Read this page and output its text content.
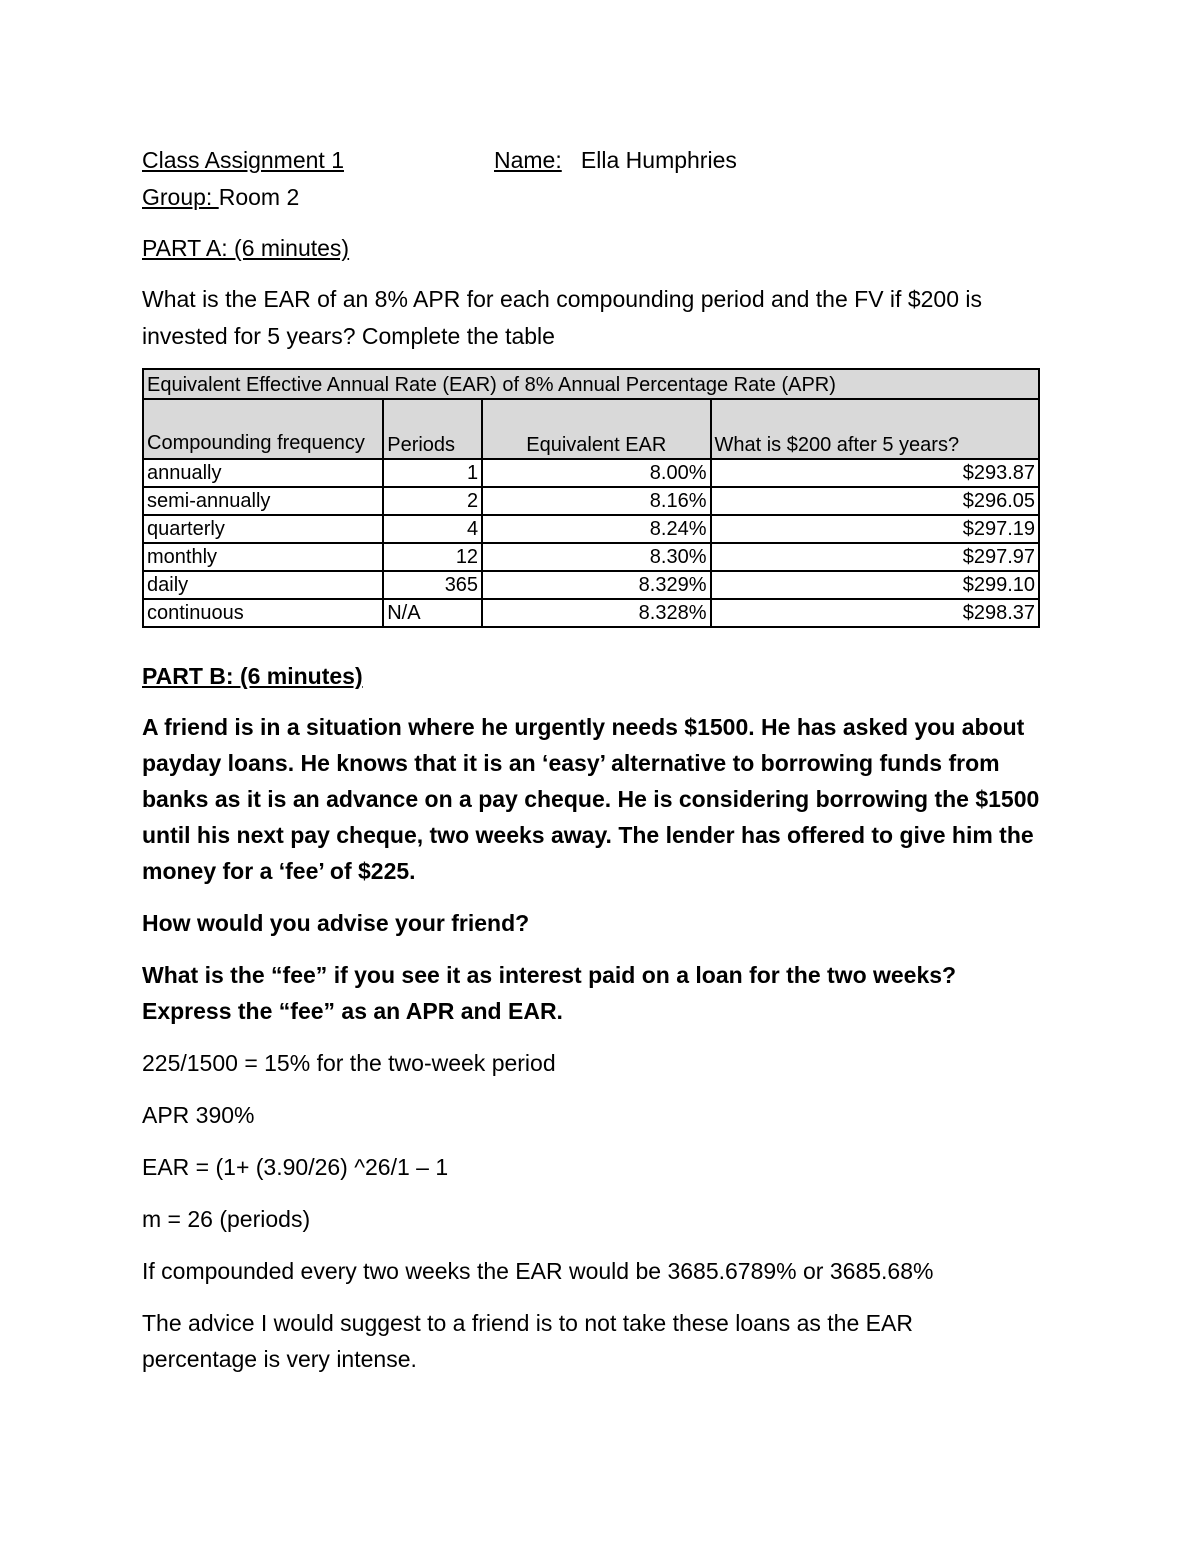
Class Assignment 1	Name: Ella Humphries
Group: Room 2
PART A: (6 minutes)
What is the EAR of an 8% APR for each compounding period and the FV if $200 is
invested for 5 years? Complete the table
Equivalent Effective Annual Rate (EAR) of 8% Annual Percentage Rate (APR)			
Compounding frequency	Periods	Equivalent EAR	What is $200 after 5 years?
annually	1	8.00%	$293.87
semi-annually	2	8.16%	$296.05
quarterly	4	8.24%	$297.19
monthly	12	8.30%	$297.97
daily	365	8.329%	$299.10
continuous	N/A	8.328%	$298.37
PART B: (6 minutes)
A friend is in a situation where he urgently needs $1500. He has asked you about payday loans. He knows that it is an ‘easy’ alternative to borrowing funds from banks as it is an advance on a pay cheque. He is considering borrowing the $1500 until his next pay cheque, two weeks away. The lender has offered to give him the money for a ‘fee’ of $225.
How would you advise your friend?
What is the “fee” if you see it as interest paid on a loan for the two weeks? Express the “fee” as an APR and EAR.
225/1500 = 15% for the two-week period
APR 390%
EAR = (1+ (3.90/26) ^26/1 – 1
m = 26 (periods)
If compounded every two weeks the EAR would be 3685.6789% or 3685.68%
The advice I would suggest to a friend is to not take these loans as the EAR percentage is very intense.
